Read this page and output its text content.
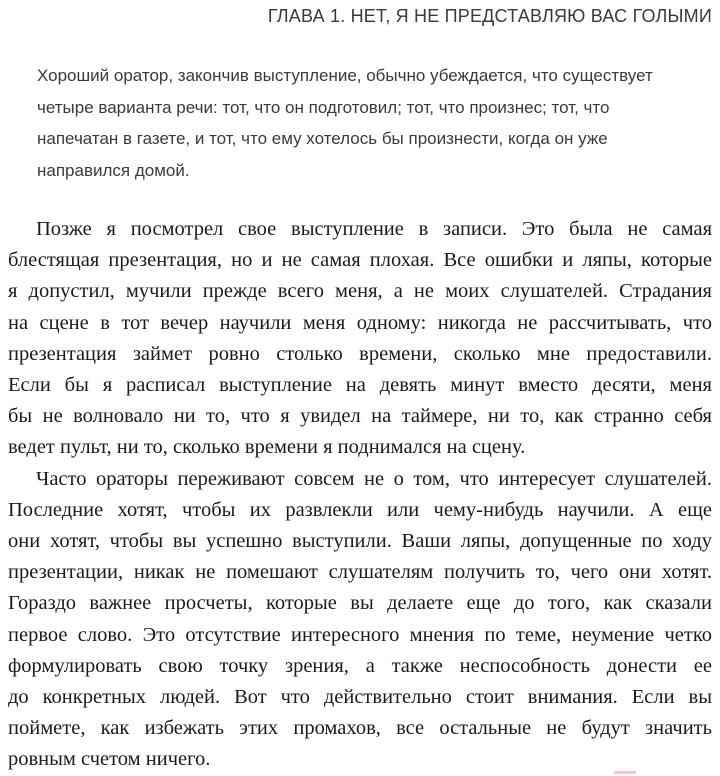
ГЛАВА 1. НЕТ, Я НЕ ПРЕДСТАВЛЯЮ ВАС ГОЛЫМИ
Хороший оратор, закончив выступление, обычно убеждается, что существует
четыре варианта речи: тот, что он подготовил; тот, что произнес; тот, что
напечатан в газете, и тот, что ему хотелось бы произнести, когда он уже
направился домой.
Позже я посмотрел свое выступление в записи. Это была не самая
блестящая презентация, но и не самая плохая. Все ошибки и ляпы, которые
я допустил, мучили прежде всего меня, а не моих слушателей. Страдания
на сцене в тот вечер научили меня одному: никогда не рассчитывать, что
презентация займет ровно столько времени, сколько мне предоставили.
Если бы я расписал выступление на девять минут вместо десяти, меня
бы не волновало ни то, что я увидел на таймере, ни то, как странно себя
ведет пульт, ни то, сколько времени я поднимался на сцену.
Часто ораторы переживают совсем не о том, что интересует слушателей.
Последние хотят, чтобы их развлекли или чему-нибудь научили. А еще
они хотят, чтобы вы успешно выступили. Ваши ляпы, допущенные по ходу
презентации, никак не помешают слушателям получить то, чего они хотят.
Гораздо важнее просчеты, которые вы делаете еще до того, как сказали
первое слово. Это отсутствие интересного мнения по теме, неумение четко
формулировать свою точку зрения, а также неспособность донести ее
до конкретных людей. Вот что действительно стоит внимания. Если вы
поймете, как избежать этих промахов, все остальные не будут значить
ровным счетом ничего.
